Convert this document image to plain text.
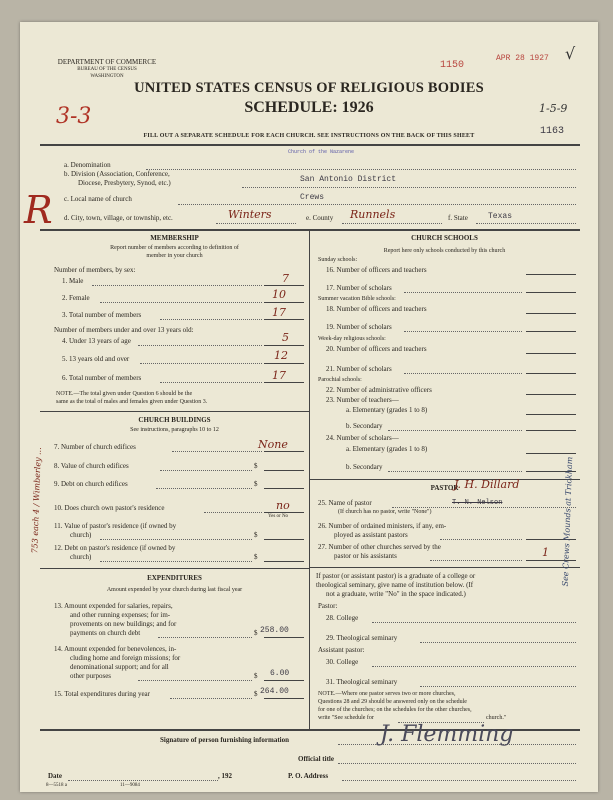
DEPARTMENT OF COMMERCE
BUREAU OF THE CENSUS
WASHINGTON
APR 28 1927
1150
√
UNITED STATES CENSUS OF RELIGIOUS BODIES
SCHEDULE: 1926
3-3	1-5-9
1163
FILL OUT A SEPARATE SCHEDULE FOR EACH CHURCH. SEE INSTRUCTIONS ON THE BACK OF THIS SHEET
Church of the Nazarene
a. Denomination
b. Division (Association, Conference,
Diocese, Presbytery, Synod, etc.)	San Antonio District
c. Local name of church	Crews
R d. City, town, village, or township, etc.	Winters	e. County Runnels	f. State	Texas
MEMBERSHIP
Report number of members according to definition of
member in your church
Number of members, by sex:
1. Male	7
2. Female	10
3. Total number of members	17
Number of members under and over 13 years old:
4. Under 13 years of age	5
5. 13 years old and over	12
6. Total number of members	17
NOTE.—The total given under Question 6 should be the
same as the total of males and females given under Question 3.
CHURCH BUILDINGS
See instructions, paragraphs 10 to 12
7. Number of church edifices	None
8. Value of church edifices	$
9. Debt on church edifices	$
10. Does church own pastor's residence	no
Yes or No
11. Value of pastor's residence (if owned by
church)	$
12. Debt on pastor's residence (if owned by
church)	$
753 each 4 / Wimberley ...
EXPENDITURES
Amount expended by your church during last fiscal year
13. Amount expended for salaries, repairs,
and other running expenses; for im-
provements on new buildings; and for
payments on church debt	$ 258.00
14. Amount expended for benevolences, in-
cluding home and foreign missions; for
denominational support; and for all
other purposes	$ 6.00
15. Total expenditures during year	$ 264.00
CHURCH SCHOOLS
Report here only schools conducted by this church
Sunday schools:
16. Number of officers and teachers
17. Number of scholars
Summer vacation Bible schools:
18. Number of officers and teachers
19. Number of scholars
Week-day religious schools:
20. Number of officers and teachers
21. Number of scholars
Parochial schools:
22. Number of administrative officers
23. Number of teachers—
a. Elementary (grades 1 to 8)
b. Secondary
24. Number of scholars—
a. Elementary (grades 1 to 8)
b. Secondary
PASTOR
J. H. Dillard
25. Name of pastor	T. N. Nelson
(If church has no pastor, write "None")
26. Number of ordained ministers, if any, em-
ployed as assistant pastors
27. Number of other churches served by the
pastor or his assistants	1
If pastor (or assistant pastor) is a graduate of a college or
theological seminary, give name of institution below. (If
not a graduate, write "No" in the space indicated.)
Pastor:
28. College
29. Theological seminary
Assistant pastor:
30. College
31. Theological seminary
NOTE.—Where one pastor serves two or more churches,
Questions 28 and 29 should be answered only on the schedule
for one of the churches; on the schedules for the other churches,
write "See schedule for	church."
See Crews Mounds at Trickham
Signature of person furnishing information	J. Flemming
Official title
Date	, 192	P. O. Address
8—5518 a	11—9084
